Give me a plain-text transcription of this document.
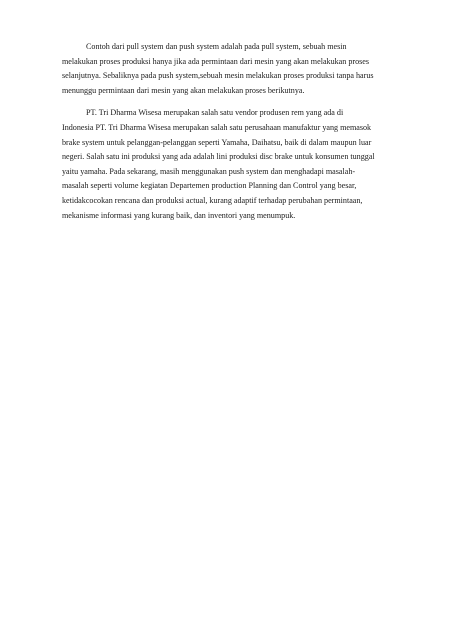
Contoh dari pull system dan push system adalah pada pull system, sebuah mesin
melakukan proses produksi hanya jika ada permintaan dari mesin yang akan melakukan proses
selanjutnya. Sebaliknya pada push system,sebuah mesin melakukan proses produksi tanpa harus
menunggu permintaan dari mesin yang akan melakukan proses berikutnya.

PT. Tri Dharma Wisesa merupakan salah satu vendor produsen rem yang ada di
Indonesia PT. Tri Dharma Wisesa merupakan salah satu perusahaan manufaktur yang memasok
brake system untuk pelanggan-pelanggan seperti Yamaha, Daihatsu, baik di dalam maupun luar
negeri. Salah satu ini produksi yang ada adalah lini produksi disc brake untuk konsumen tunggal
yaitu yamaha. Pada sekarang, masih menggunakan push system dan menghadapi masalah-
masalah seperti volume kegiatan Departemen production Planning dan Control yang besar,
ketidakcocokan rencana dan produksi actual, kurang adaptif terhadap perubahan permintaan,
mekanisme informasi yang kurang baik, dan inventori yang menumpuk.
